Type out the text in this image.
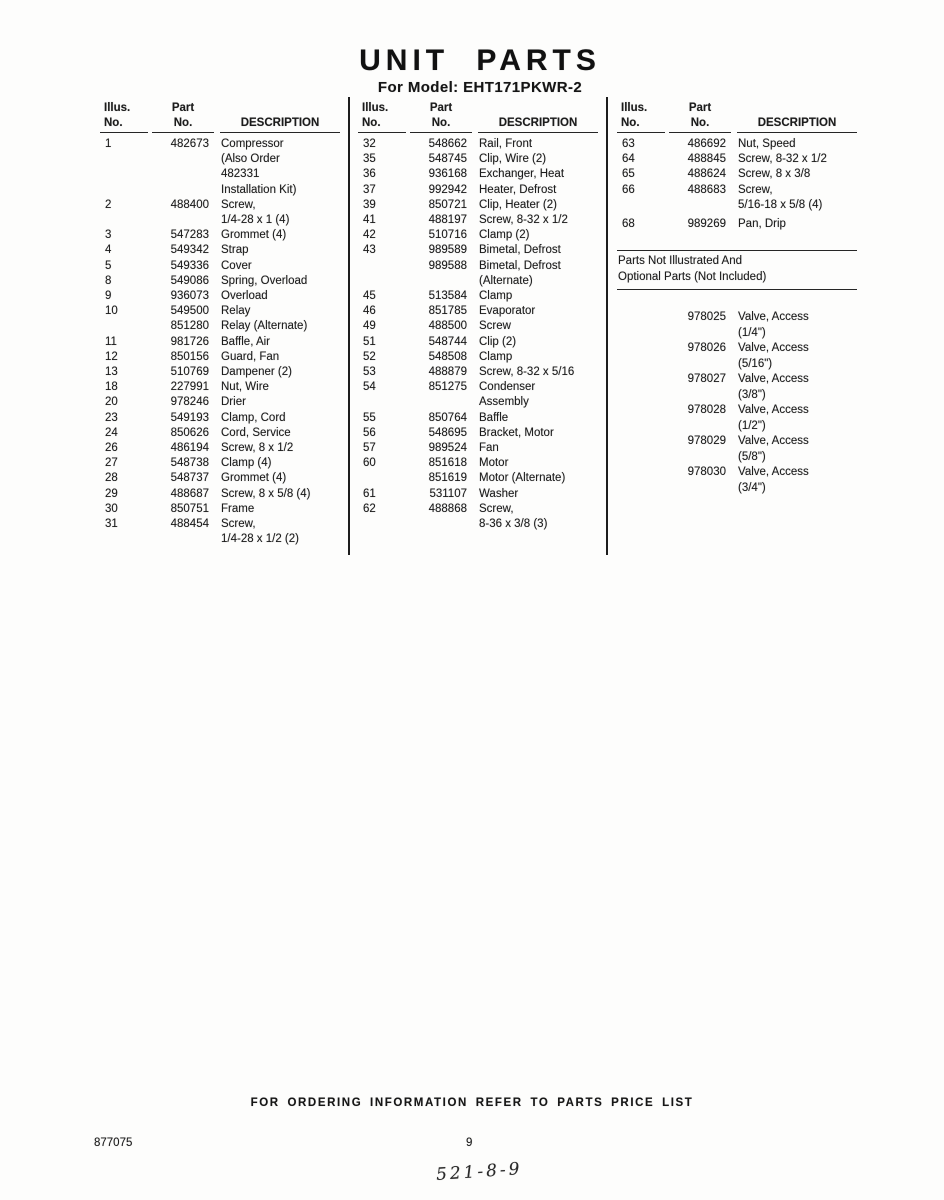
UNIT PARTS
For Model: EHT171PKWR-2
Illus.
No.
Part
No.
	DESCRIPTION
1	482673	Compressor
(Also Order
482331
Installation Kit)
2	488400	Screw,
1/4-28 x 1 (4)
3	547283	Grommet (4)
4	549342	Strap
5	549336	Cover
8	549086	Spring, Overload
9	936073	Overload
10	549500	Relay
851280	Relay (Alternate)
11	981726	Baffle, Air
12	850156	Guard, Fan
13	510769	Dampener (2)
18	227991	Nut, Wire
20	978246	Drier
23	549193	Clamp, Cord
24	850626	Cord, Service
26	486194	Screw, 8 x 1/2
27	548738	Clamp (4)
28	548737	Grommet (4)
29	488687	Screw, 8 x 5/8 (4)
30	850751	Frame
31	488454	Screw,
1/4-28 x 1/2 (2)
Illus.
No.
Part
No.
	DESCRIPTION
32	548662	Rail, Front
35	548745	Clip, Wire (2)
36	936168	Exchanger, Heat
37	992942	Heater, Defrost
39	850721	Clip, Heater (2)
41	488197	Screw, 8-32 x 1/2
42	510716	Clamp (2)
43	989589	Bimetal, Defrost
989588	Bimetal, Defrost
(Alternate)
45	513584	Clamp
46	851785	Evaporator
49	488500	Screw
51	548744	Clip (2)
52	548508	Clamp
53	488879	Screw, 8-32 x 5/16
54	851275	Condenser
Assembly
55	850764	Baffle
56	548695	Bracket, Motor
57	989524	Fan
60	851618	Motor
851619	Motor (Alternate)
61	531107	Washer
62	488868	Screw,
8-36 x 3/8 (3)
Illus.
No.
Part
No.
	DESCRIPTION
63	486692	Nut, Speed
64	488845	Screw, 8-32 x 1/2
65	488624	Screw, 8 x 3/8
66	488683	Screw,
5/16-18 x 5/8 (4)
68	989269	Pan, Drip
Parts Not Illustrated And
Optional Parts (Not Included)
978025	Valve, Access
(1/4")
978026	Valve, Access
(5/16")
978027	Valve, Access
(3/8")
978028	Valve, Access
(1/2")
978029	Valve, Access
(5/8")
978030	Valve, Access
(3/4")
FOR ORDERING INFORMATION REFER TO PARTS PRICE LIST
877075	9
521-8-9
